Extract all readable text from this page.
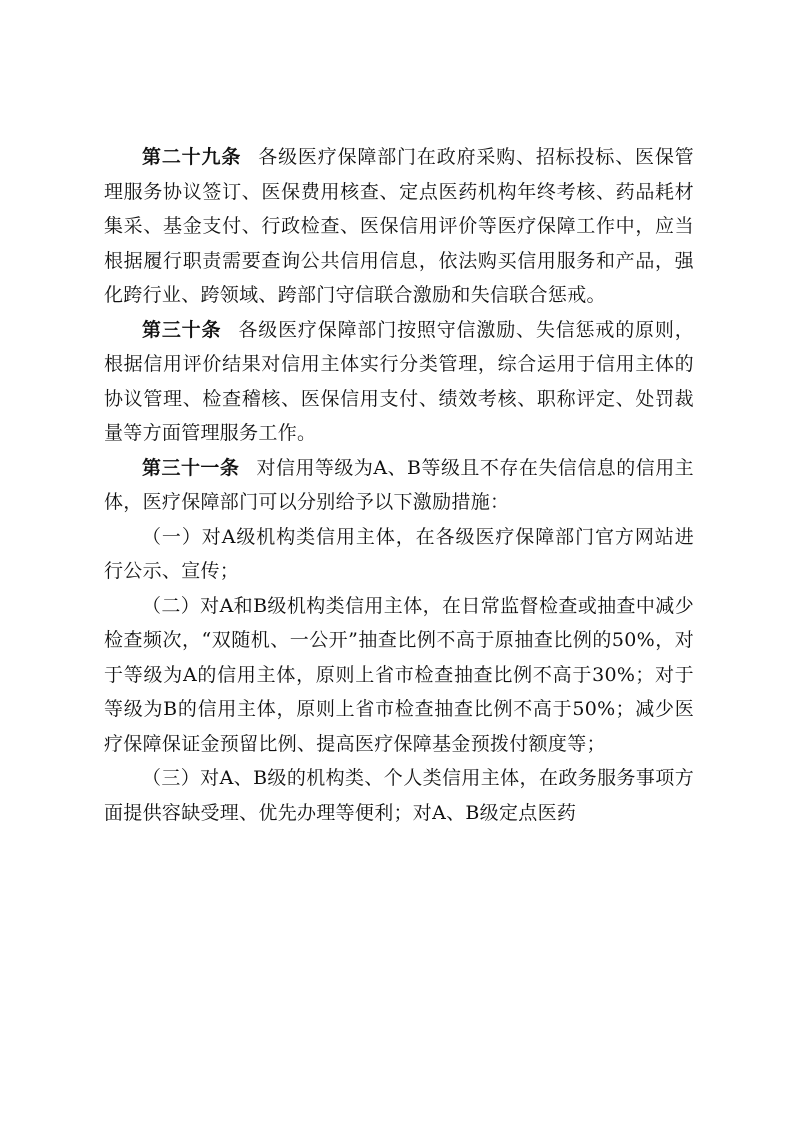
第二十九条 各级医疗保障部门在政府采购、招标投标、医保管理服务协议签订、医保费用核查、定点医药机构年终考核、药品耗材集采、基金支付、行政检查、医保信用评价等医疗保障工作中，应当根据履行职责需要查询公共信用信息，依法购买信用服务和产品，强化跨行业、跨领域、跨部门守信联合激励和失信联合惩戒。

第三十条 各级医疗保障部门按照守信激励、失信惩戒的原则，根据信用评价结果对信用主体实行分类管理，综合运用于信用主体的协议管理、检查稽核、医保信用支付、绩效考核、职称评定、处罚裁量等方面管理服务工作。

第三十一条 对信用等级为A、B等级且不存在失信信息的信用主体，医疗保障部门可以分别给予以下激励措施：

（一）对A级机构类信用主体，在各级医疗保障部门官方网站进行公示、宣传；

（二）对A和B级机构类信用主体，在日常监督检查或抽查中减少检查频次，“双随机、一公开”抽查比例不高于原抽查比例的50%，对于等级为A的信用主体，原则上省市检查抽查比例不高于30%；对于等级为B的信用主体，原则上省市检查抽查比例不高于50%；减少医疗保障保证金预留比例、提高医疗保障基金预拨付额度等；

（三）对A、B级的机构类、个人类信用主体，在政务服务事项方面提供容缺受理、优先办理等便利；对A、B级定点医药
